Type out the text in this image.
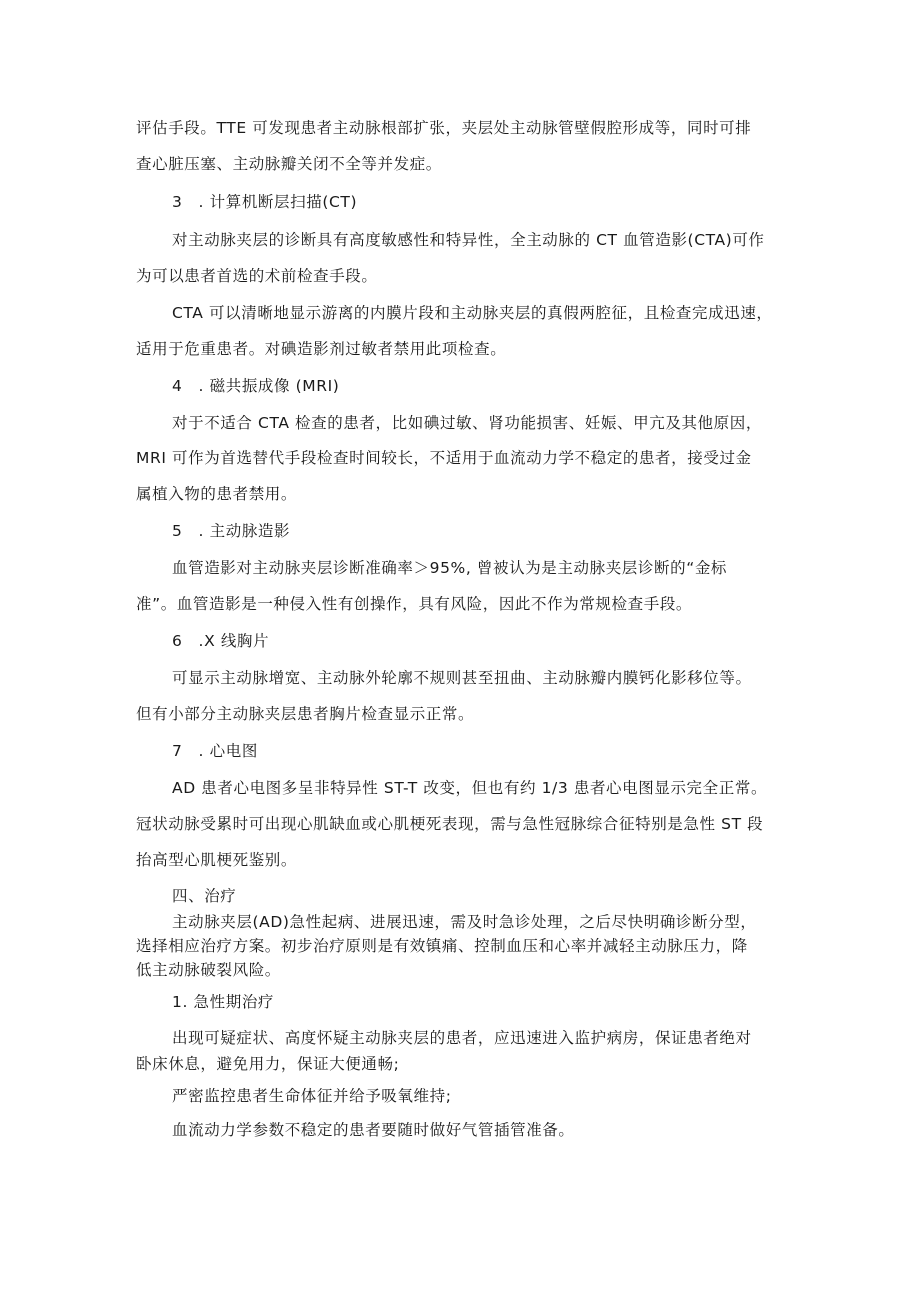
评估手段。TTE 可发现患者主动脉根部扩张，夹层处主动脉管壁假腔形成等，同时可排
查心脏压塞、主动脉瓣关闭不全等并发症。
3　. 计算机断层扫描(CT)
对主动脉夹层的诊断具有高度敏感性和特异性，全主动脉的 CT 血管造影(CTA)可作
为可以患者首选的术前检查手段。
CTA 可以清晰地显示游离的内膜片段和主动脉夹层的真假两腔征，且检查完成迅速，
适用于危重患者。对碘造影剂过敏者禁用此项检查。
4　. 磁共振成像 (MRI)
对于不适合 CTA 检查的患者，比如碘过敏、肾功能损害、妊娠、甲亢及其他原因，
MRI 可作为首选替代手段检查时间较长，不适用于血流动力学不稳定的患者，接受过金
属植入物的患者禁用。
5　. 主动脉造影
血管造影对主动脉夹层诊断准确率＞95%, 曾被认为是主动脉夹层诊断的“金标
准”。血管造影是一种侵入性有创操作，具有风险，因此不作为常规检查手段。
6　.X 线胸片
可显示主动脉增宽、主动脉外轮廓不规则甚至扭曲、主动脉瓣内膜钙化影移位等。
但有小部分主动脉夹层患者胸片检查显示正常。
7　. 心电图
AD 患者心电图多呈非特异性 ST-T 改变，但也有约 1/3 患者心电图显示完全正常。
冠状动脉受累时可出现心肌缺血或心肌梗死表现，需与急性冠脉综合征特别是急性 ST 段
抬高型心肌梗死鉴别。
四、治疗
主动脉夹层(AD)急性起病、进展迅速，需及时急诊处理，之后尽快明确诊断分型，
选择相应治疗方案。初步治疗原则是有效镇痛、控制血压和心率并减轻主动脉压力，降
低主动脉破裂风险。
1. 急性期治疗
出现可疑症状、高度怀疑主动脉夹层的患者，应迅速进入监护病房，保证患者绝对
卧床休息，避免用力，保证大便通畅;
严密监控患者生命体征并给予吸氧维持;
血流动力学参数不稳定的患者要随时做好气管插管准备。
